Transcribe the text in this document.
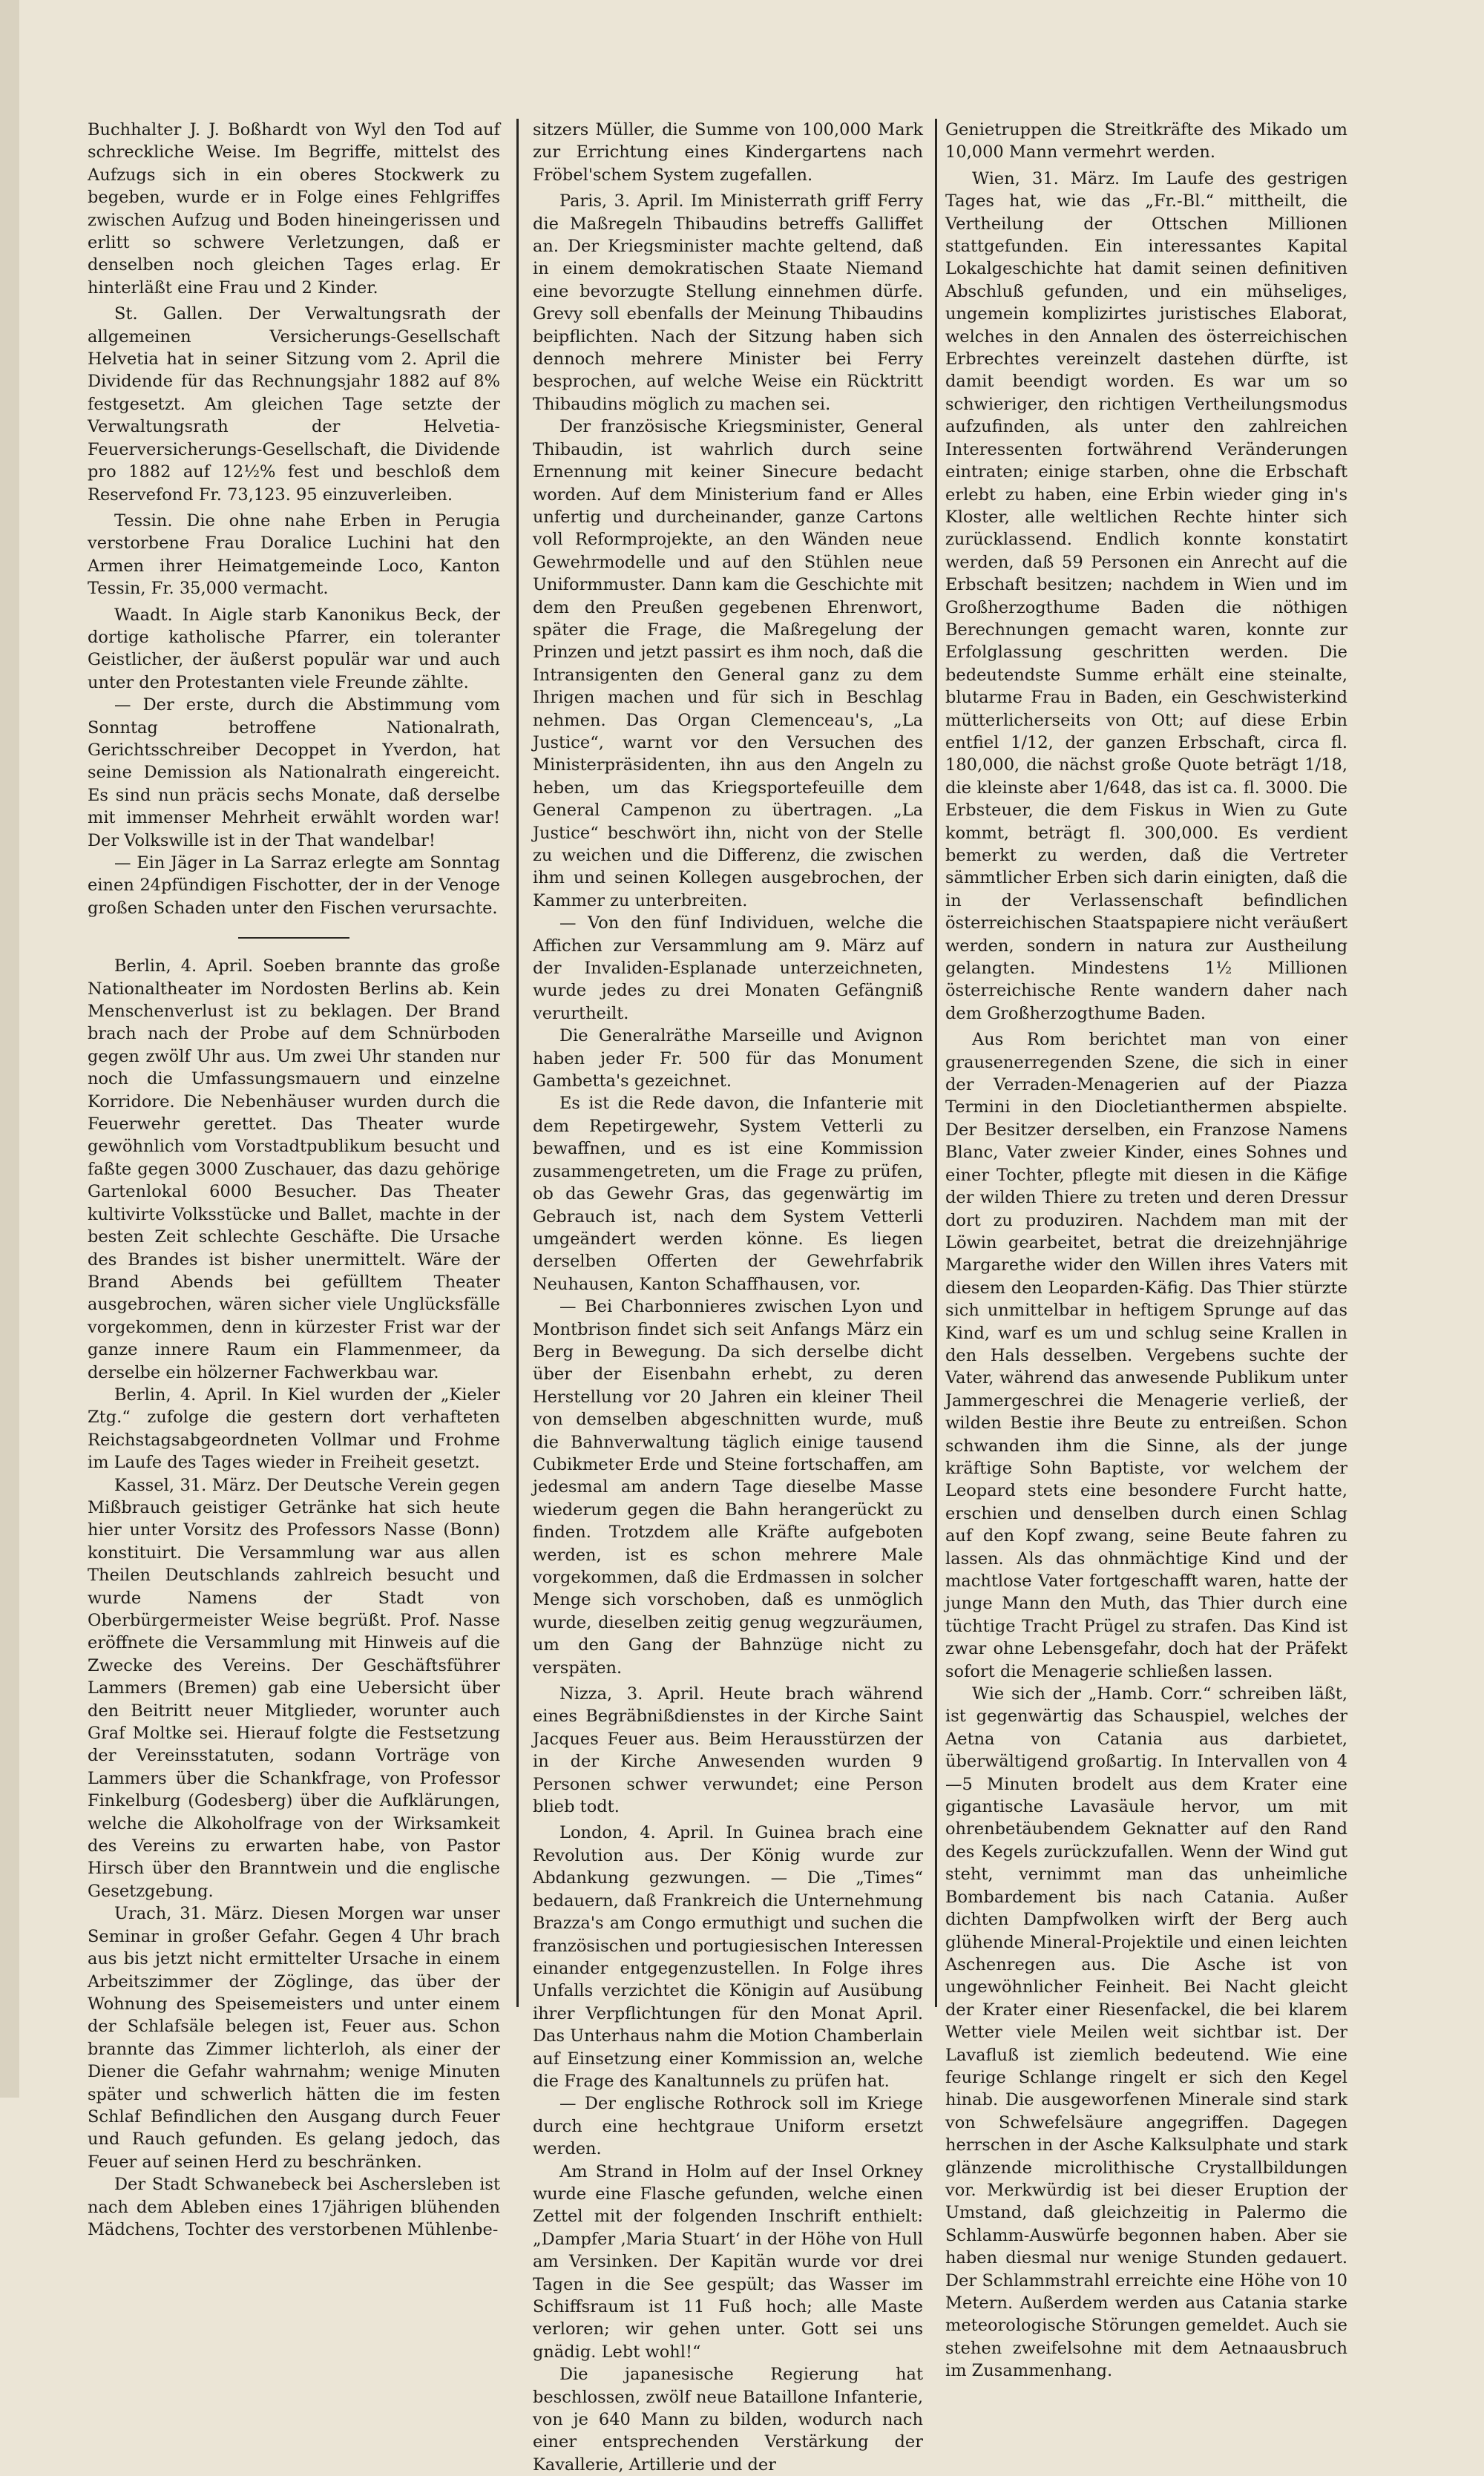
Buchhalter J. J. Boßhardt von Wyl den Tod auf schreckliche Weise. Im Begriffe, mittelst des Aufzugs sich in ein oberes Stockwerk zu begeben, wurde er in Folge eines Fehlgriffes zwischen Aufzug und Boden hineingerissen und erlitt so schwere Verletzungen, daß er denselben noch gleichen Tages erlag. Er hinterläßt eine Frau und 2 Kinder.

St. Gallen. Der Verwaltungsrath der allgemeinen Versicherungs-Gesellschaft Helvetia hat in seiner Sitzung vom 2. April die Dividende für das Rechnungsjahr 1882 auf 8% festgesetzt. Am gleichen Tage setzte der Verwaltungsrath der Helvetia-Feuerversicherungs-Gesellschaft, die Dividende pro 1882 auf 12½% fest und beschloß dem Reservefond Fr. 73,123. 95 einzuverleiben.

Tessin. Die ohne nahe Erben in Perugia verstorbene Frau Doralice Luchini hat den Armen ihrer Heimatgemeinde Loco, Kanton Tessin, Fr. 35,000 vermacht.

Waadt. In Aigle starb Kanonikus Beck, der dortige katholische Pfarrer, ein toleranter Geistlicher, der äußerst populär war und auch unter den Protestanten viele Freunde zählte.

— Der erste, durch die Abstimmung vom Sonntag betroffene Nationalrath, Gerichtsschreiber Decoppet in Yverdon, hat seine Demission als Nationalrath eingereicht. Es sind nun präcis sechs Monate, daß derselbe mit immenser Mehrheit erwählt worden war! Der Volkswille ist in der That wandelbar!

— Ein Jäger in La Sarraz erlegte am Sonntag einen 24pfündigen Fischotter, der in der Venoge großen Schaden unter den Fischen verursachte.

Berlin, 4. April. Soeben brannte das große Nationaltheater im Nordosten Berlins ab. Kein Menschenverlust ist zu beklagen. Der Brand brach nach der Probe auf dem Schnürboden gegen zwölf Uhr aus. Um zwei Uhr standen nur noch die Umfassungsmauern und einzelne Korridore. Die Nebenhäuser wurden durch die Feuerwehr gerettet. Das Theater wurde gewöhnlich vom Vorstadtpublikum besucht und faßte gegen 3000 Zuschauer, das dazu gehörige Gartenlokal 6000 Besucher. Das Theater kultivirte Volksstücke und Ballet, machte in der besten Zeit schlechte Geschäfte. Die Ursache des Brandes ist bisher unermittelt. Wäre der Brand Abends bei gefülltem Theater ausgebrochen, wären sicher viele Unglücksfälle vorgekommen, denn in kürzester Frist war der ganze innere Raum ein Flammenmeer, da derselbe ein hölzerner Fachwerkbau war.

Berlin, 4. April. In Kiel wurden der „Kieler Ztg.“ zufolge die gestern dort verhafteten Reichstagsabgeordneten Vollmar und Frohme im Laufe des Tages wieder in Freiheit gesetzt.

Kassel, 31. März. Der Deutsche Verein gegen Mißbrauch geistiger Getränke hat sich heute hier unter Vorsitz des Professors Nasse (Bonn) konstituirt. Die Versammlung war aus allen Theilen Deutschlands zahlreich besucht und wurde Namens der Stadt von Oberbürgermeister Weise begrüßt. Prof. Nasse eröffnete die Versammlung mit Hinweis auf die Zwecke des Vereins. Der Geschäftsführer Lammers (Bremen) gab eine Uebersicht über den Beitritt neuer Mitglieder, worunter auch Graf Moltke sei. Hierauf folgte die Festsetzung der Vereinsstatuten, sodann Vorträge von Lammers über die Schankfrage, von Professor Finkelburg (Godesberg) über die Aufklärungen, welche die Alkoholfrage von der Wirksamkeit des Vereins zu erwarten habe, von Pastor Hirsch über den Branntwein und die englische Gesetzgebung.

Urach, 31. März. Diesen Morgen war unser Seminar in großer Gefahr. Gegen 4 Uhr brach aus bis jetzt nicht ermittelter Ursache in einem Arbeitszimmer der Zöglinge, das über der Wohnung des Speisemeisters und unter einem der Schlafsäle belegen ist, Feuer aus. Schon brannte das Zimmer lichterloh, als einer der Diener die Gefahr wahrnahm; wenige Minuten später und schwerlich hätten die im festen Schlaf Befindlichen den Ausgang durch Feuer und Rauch gefunden. Es gelang jedoch, das Feuer auf seinen Herd zu beschränken.

Der Stadt Schwanebeck bei Aschersleben ist nach dem Ableben eines 17jährigen blühenden Mädchens, Tochter des verstorbenen Mühlenbe-

sitzers Müller, die Summe von 100,000 Mark zur Errichtung eines Kindergartens nach Fröbel'schem System zugefallen.

Paris, 3. April. Im Ministerrath griff Ferry die Maßregeln Thibaudins betreffs Galliffet an. Der Kriegsminister machte geltend, daß in einem demokratischen Staate Niemand eine bevorzugte Stellung einnehmen dürfe. Grevy soll ebenfalls der Meinung Thibaudins beipflichten. Nach der Sitzung haben sich dennoch mehrere Minister bei Ferry besprochen, auf welche Weise ein Rücktritt Thibaudins möglich zu machen sei.

Der französische Kriegsminister, General Thibaudin, ist wahrlich durch seine Ernennung mit keiner Sinecure bedacht worden. Auf dem Ministerium fand er Alles unfertig und durcheinander, ganze Cartons voll Reformprojekte, an den Wänden neue Gewehrmodelle und auf den Stühlen neue Uniformmuster. Dann kam die Geschichte mit dem den Preußen gegebenen Ehrenwort, später die Frage, die Maßregelung der Prinzen und jetzt passirt es ihm noch, daß die Intransigenten den General ganz zu dem Ihrigen machen und für sich in Beschlag nehmen. Das Organ Clemenceau's, „La Justice“, warnt vor den Versuchen des Ministerpräsidenten, ihn aus den Angeln zu heben, um das Kriegsportefeuille dem General Campenon zu übertragen. „La Justice“ beschwört ihn, nicht von der Stelle zu weichen und die Differenz, die zwischen ihm und seinen Kollegen ausgebrochen, der Kammer zu unterbreiten.

— Von den fünf Individuen, welche die Affichen zur Versammlung am 9. März auf der Invaliden-Esplanade unterzeichneten, wurde jedes zu drei Monaten Gefängniß verurtheilt.

Die Generalräthe Marseille und Avignon haben jeder Fr. 500 für das Monument Gambetta's gezeichnet.

Es ist die Rede davon, die Infanterie mit dem Repetirgewehr, System Vetterli zu bewaffnen, und es ist eine Kommission zusammengetreten, um die Frage zu prüfen, ob das Gewehr Gras, das gegenwärtig im Gebrauch ist, nach dem System Vetterli umgeändert werden könne. Es liegen derselben Offerten der Gewehrfabrik Neuhausen, Kanton Schaffhausen, vor.

— Bei Charbonnieres zwischen Lyon und Montbrison findet sich seit Anfangs März ein Berg in Bewegung. Da sich derselbe dicht über der Eisenbahn erhebt, zu deren Herstellung vor 20 Jahren ein kleiner Theil von demselben abgeschnitten wurde, muß die Bahnverwaltung täglich einige tausend Cubikmeter Erde und Steine fortschaffen, am jedesmal am andern Tage dieselbe Masse wiederum gegen die Bahn herangerückt zu finden. Trotzdem alle Kräfte aufgeboten werden, ist es schon mehrere Male vorgekommen, daß die Erdmassen in solcher Menge sich vorschoben, daß es unmöglich wurde, dieselben zeitig genug wegzuräumen, um den Gang der Bahnzüge nicht zu verspäten.

Nizza, 3. April. Heute brach während eines Begräbnißdienstes in der Kirche Saint Jacques Feuer aus. Beim Herausstürzen der in der Kirche Anwesenden wurden 9 Personen schwer verwundet; eine Person blieb todt.

London, 4. April. In Guinea brach eine Revolution aus. Der König wurde zur Abdankung gezwungen. — Die „Times“ bedauern, daß Frankreich die Unternehmung Brazza's am Congo ermuthigt und suchen die französischen und portugiesischen Interessen einander entgegenzustellen. In Folge ihres Unfalls verzichtet die Königin auf Ausübung ihrer Verpflichtungen für den Monat April. Das Unterhaus nahm die Motion Chamberlain auf Einsetzung einer Kommission an, welche die Frage des Kanaltunnels zu prüfen hat.

— Der englische Rothrock soll im Kriege durch eine hechtgraue Uniform ersetzt werden.

Am Strand in Holm auf der Insel Orkney wurde eine Flasche gefunden, welche einen Zettel mit der folgenden Inschrift enthielt: „Dampfer ‚Maria Stuart‘ in der Höhe von Hull am Versinken. Der Kapitän wurde vor drei Tagen in die See gespült; das Wasser im Schiffsraum ist 11 Fuß hoch; alle Maste verloren; wir gehen unter. Gott sei uns gnädig. Lebt wohl!“

Die japanesische Regierung hat beschlossen, zwölf neue Bataillone Infanterie, von je 640 Mann zu bilden, wodurch nach einer entsprechenden Verstärkung der Kavallerie, Artillerie und der

Genietruppen die Streitkräfte des Mikado um 10,000 Mann vermehrt werden.

Wien, 31. März. Im Laufe des gestrigen Tages hat, wie das „Fr.-Bl.“ mittheilt, die Vertheilung der Ottschen Millionen stattgefunden. Ein interessantes Kapital Lokalgeschichte hat damit seinen definitiven Abschluß gefunden, und ein mühseliges, ungemein komplizirtes juristisches Elaborat, welches in den Annalen des österreichischen Erbrechtes vereinzelt dastehen dürfte, ist damit beendigt worden. Es war um so schwieriger, den richtigen Vertheilungsmodus aufzufinden, als unter den zahlreichen Interessenten fortwährend Veränderungen eintraten; einige starben, ohne die Erbschaft erlebt zu haben, eine Erbin wieder ging in's Kloster, alle weltlichen Rechte hinter sich zurücklassend. Endlich konnte konstatirt werden, daß 59 Personen ein Anrecht auf die Erbschaft besitzen; nachdem in Wien und im Großherzogthume Baden die nöthigen Berechnungen gemacht waren, konnte zur Erfolglassung geschritten werden. Die bedeutendste Summe erhält eine steinalte, blutarme Frau in Baden, ein Geschwisterkind mütterlicherseits von Ott; auf diese Erbin entfiel 1/12, der ganzen Erbschaft, circa fl. 180,000, die nächst große Quote beträgt 1/18, die kleinste aber 1/648, das ist ca. fl. 3000. Die Erbsteuer, die dem Fiskus in Wien zu Gute kommt, beträgt fl. 300,000. Es verdient bemerkt zu werden, daß die Vertreter sämmtlicher Erben sich darin einigten, daß die in der Verlassenschaft befindlichen österreichischen Staatspapiere nicht veräußert werden, sondern in natura zur Austheilung gelangten. Mindestens 1½ Millionen österreichische Rente wandern daher nach dem Großherzogthume Baden.

Aus Rom berichtet man von einer grausenerregenden Szene, die sich in einer der Verraden-Menagerien auf der Piazza Termini in den Diocletianthermen abspielte. Der Besitzer derselben, ein Franzose Namens Blanc, Vater zweier Kinder, eines Sohnes und einer Tochter, pflegte mit diesen in die Käfige der wilden Thiere zu treten und deren Dressur dort zu produziren. Nachdem man mit der Löwin gearbeitet, betrat die dreizehnjährige Margarethe wider den Willen ihres Vaters mit diesem den Leoparden-Käfig. Das Thier stürzte sich unmittelbar in heftigem Sprunge auf das Kind, warf es um und schlug seine Krallen in den Hals desselben. Vergebens suchte der Vater, während das anwesende Publikum unter Jammergeschrei die Menagerie verließ, der wilden Bestie ihre Beute zu entreißen. Schon schwanden ihm die Sinne, als der junge kräftige Sohn Baptiste, vor welchem der Leopard stets eine besondere Furcht hatte, erschien und denselben durch einen Schlag auf den Kopf zwang, seine Beute fahren zu lassen. Als das ohnmächtige Kind und der machtlose Vater fortgeschafft waren, hatte der junge Mann den Muth, das Thier durch eine tüchtige Tracht Prügel zu strafen. Das Kind ist zwar ohne Lebensgefahr, doch hat der Präfekt sofort die Menagerie schließen lassen.

Wie sich der „Hamb. Corr.“ schreiben läßt, ist gegenwärtig das Schauspiel, welches der Aetna von Catania aus darbietet, überwältigend großartig. In Intervallen von 4—5 Minuten brodelt aus dem Krater eine gigantische Lavasäule hervor, um mit ohrenbetäubendem Geknatter auf den Rand des Kegels zurückzufallen. Wenn der Wind gut steht, vernimmt man das unheimliche Bombardement bis nach Catania. Außer dichten Dampfwolken wirft der Berg auch glühende Mineral-Projektile und einen leichten Aschenregen aus. Die Asche ist von ungewöhnlicher Feinheit. Bei Nacht gleicht der Krater einer Riesenfackel, die bei klarem Wetter viele Meilen weit sichtbar ist. Der Lavafluß ist ziemlich bedeutend. Wie eine feurige Schlange ringelt er sich den Kegel hinab. Die ausgeworfenen Minerale sind stark von Schwefelsäure angegriffen. Dagegen herrschen in der Asche Kalksulphate und stark glänzende microlithische Crystallbildungen vor. Merkwürdig ist bei dieser Eruption der Umstand, daß gleichzeitig in Palermo die Schlamm-Auswürfe begonnen haben. Aber sie haben diesmal nur wenige Stunden gedauert. Der Schlammstrahl erreichte eine Höhe von 10 Metern. Außerdem werden aus Catania starke meteorologische Störungen gemeldet. Auch sie stehen zweifelsohne mit dem Aetnaausbruch im Zusammenhang.
